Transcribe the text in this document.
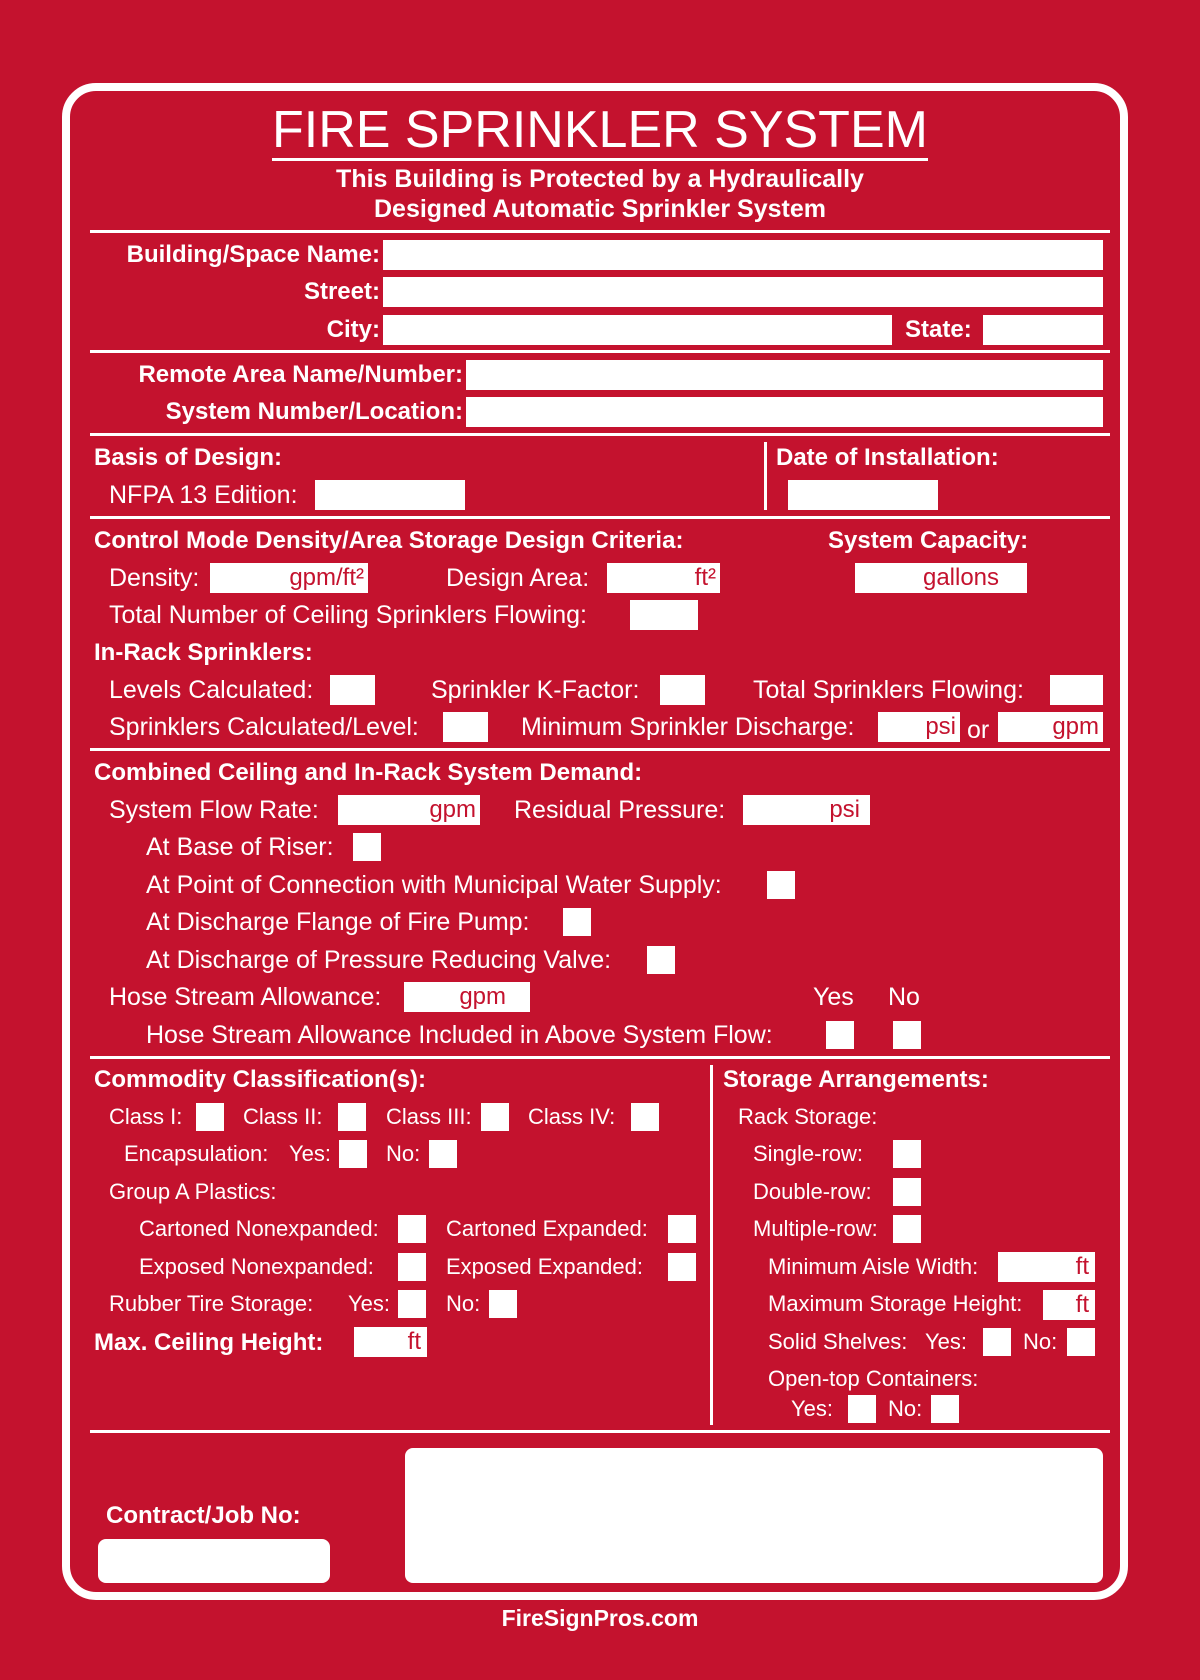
FIRE SPRINKLER SYSTEM
This Building is Protected by a Hydraulically
Designed Automatic Sprinkler System
Building/Space Name:
Street:
City:	State:
Remote Area Name/Number:
System Number/Location:
Basis of Design:
NFPA 13 Edition:
Date of Installation:
Control Mode Density/Area Storage Design Criteria:	System Capacity:
Density:	gpm/ft²	Design Area:	ft²	gallons
Total Number of Ceiling Sprinklers Flowing:
In-Rack Sprinklers:
Levels Calculated:	Sprinkler K-Factor:	Total Sprinklers Flowing:
Sprinklers Calculated/Level:	Minimum Sprinkler Discharge:	psi or	gpm
Combined Ceiling and In-Rack System Demand:
System Flow Rate:	gpm Residual Pressure:	psi
At Base of Riser:
At Point of Connection with Municipal Water Supply:
At Discharge Flange of Fire Pump:
At Discharge of Pressure Reducing Valve:
Hose Stream Allowance:	gpm	Yes No
Hose Stream Allowance Included in Above System Flow:
Commodity Classification(s):
Class I:	Class II:	Class III:	Class IV:
Encapsulation: Yes: No:
Group A Plastics:
Cartoned Nonexpanded:	Cartoned Expanded:
Exposed Nonexpanded:	Exposed Expanded:
Rubber Tire Storage: Yes:	No:
Max. Ceiling Height:	ft
Storage Arrangements:
Rack Storage:
Single-row:
Double-row:
Multiple-row:
Minimum Aisle Width:	ft
Maximum Storage Height:	ft
Solid Shelves: Yes:	No:
Open-top Containers:
Yes: No:
Contract/Job No:
FireSignPros.com
